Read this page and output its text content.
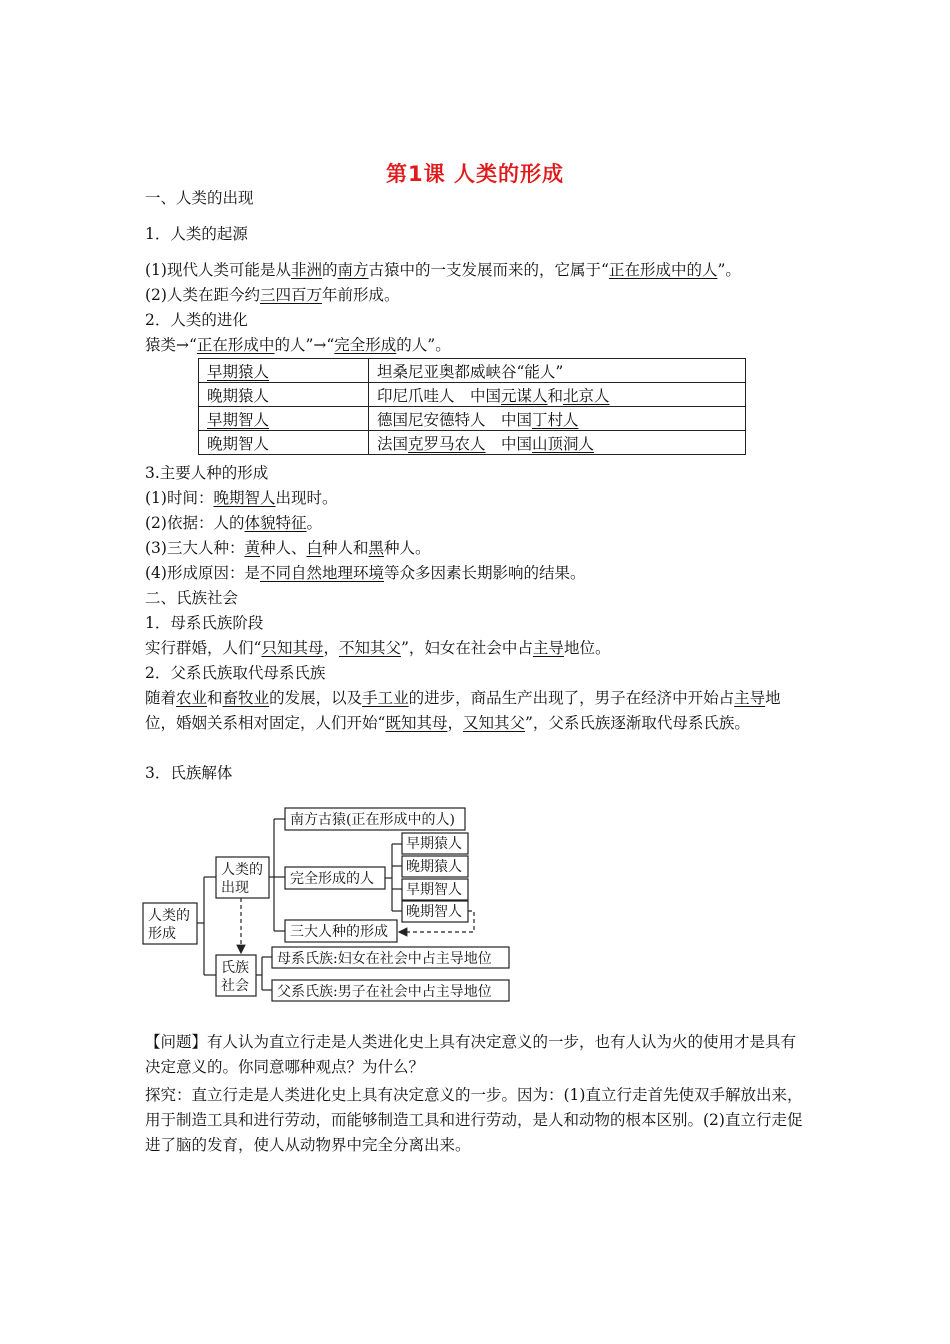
第1课 人类的形成
一、人类的出现
1．人类的起源
(1)现代人类可能是从非洲的南方古猿中的一支发展而来的，它属于“正在形成中的人”。
(2)人类在距今约三四百万年前形成。
2．人类的进化
猿类→“正在形成中的人”→“完全形成的人”。
早期猿人	坦桑尼亚奥都威峡谷“能人”
晚期猿人	印尼爪哇人　中国元谋人和北京人
早期智人	德国尼安德特人　中国丁村人
晚期智人	法国克罗马农人　中国山顶洞人
3.主要人种的形成
(1)时间：晚期智人出现时。
(2)依据：人的体貌特征。
(3)三大人种：黄种人、白种人和黑种人。
(4)形成原因：是不同自然地理环境等众多因素长期影响的结果。
二、氏族社会
1．母系氏族阶段
实行群婚，人们“只知其母，不知其父”，妇女在社会中占主导地位。
2．父系氏族取代母系氏族
随着农业和畜牧业的发展，以及手工业的进步，商品生产出现了，男子在经济中开始占主导地位，婚姻关系相对固定，人们开始“既知其母，又知其父”，父系氏族逐渐取代母系氏族。
3．氏族解体
人类的
形成
人类的
出现
氏族
社会
南方古猿(正在形成中的人)
完全形成的人
三大人种的形成
早期猿人
晚期猿人
早期智人
晚期智人
母系氏族:妇女在社会中占主导地位
父系氏族:男子在社会中占主导地位
【问题】有人认为直立行走是人类进化史上具有决定意义的一步，也有人认为火的使用才是具有决定意义的。你同意哪种观点？为什么？
探究：直立行走是人类进化史上具有决定意义的一步。因为：(1)直立行走首先使双手解放出来，用于制造工具和进行劳动，而能够制造工具和进行劳动，是人和动物的根本区别。(2)直立行走促进了脑的发育，使人从动物界中完全分离出来。
